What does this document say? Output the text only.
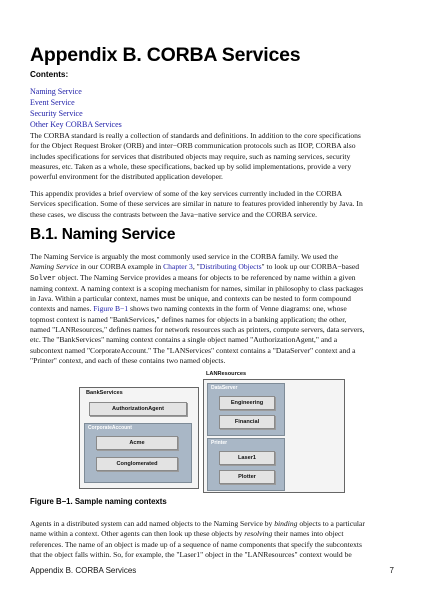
Appendix B. CORBA Services
Contents:
Naming Service
Event Service
Security Service
Other Key CORBA Services

The CORBA standard is really a collection of standards and definitions. In addition to the core specifications
for the Object Request Broker (ORB) and inter−ORB communication protocols such as IIOP, CORBA also
includes specifications for services that distributed objects may require, such as naming services, security
measures, etc. Taken as a whole, these specifications, backed up by solid implementations, provide a very
powerful environment for the distributed application developer.

This appendix provides a brief overview of some of the key services currently included in the CORBA
Services specification. Some of these services are similar in nature to features provided inherently by Java. In
these cases, we discuss the contrasts between the Java−native service and the CORBA service.

B.1. Naming Service

The Naming Service is arguably the most commonly used service in the CORBA family. We used the
Naming Service in our CORBA example in Chapter 3, "Distributing Objects" to look up our CORBA−based
Solver object. The Naming Service provides a means for objects to be referenced by name within a given
naming context. A naming context is a scoping mechanism for names, similar in philosophy to class packages
in Java. Within a particular context, names must be unique, and contexts can be nested to form compound
contexts and names. Figure B−1 shows two naming contexts in the form of Venne diagrams: one, whose
topmost context is named "BankServices," defines names for objects in a banking application; the other,
named "LANResources," defines names for network resources such as printers, compute servers, data servers,
etc. The "BankServices" naming context contains a single object named "AuthorizationAgent," and a
subcontext named "CorporateAccount." The "LANServices" context contains a "DataServer" context and a
"Printer" context, and each of these contains two named objects.

BankServices
AuthorizationAgent
CorporateAccount
Acme
Conglomerated
LANResources
DataServer
Engineering
Financial
Printer
Laser1
Plotter
Figure B−1. Sample naming contexts

Agents in a distributed system can add named objects to the Naming Service by binding objects to a particular
name within a context. Other agents can then look up these objects by resolving their names into object
references. The name of an object is made up of a sequence of name components that specify the subcontexts
that the object falls within. So, for example, the "Laser1" object in the "LANResources" context would be

Appendix B. CORBA Services	7
